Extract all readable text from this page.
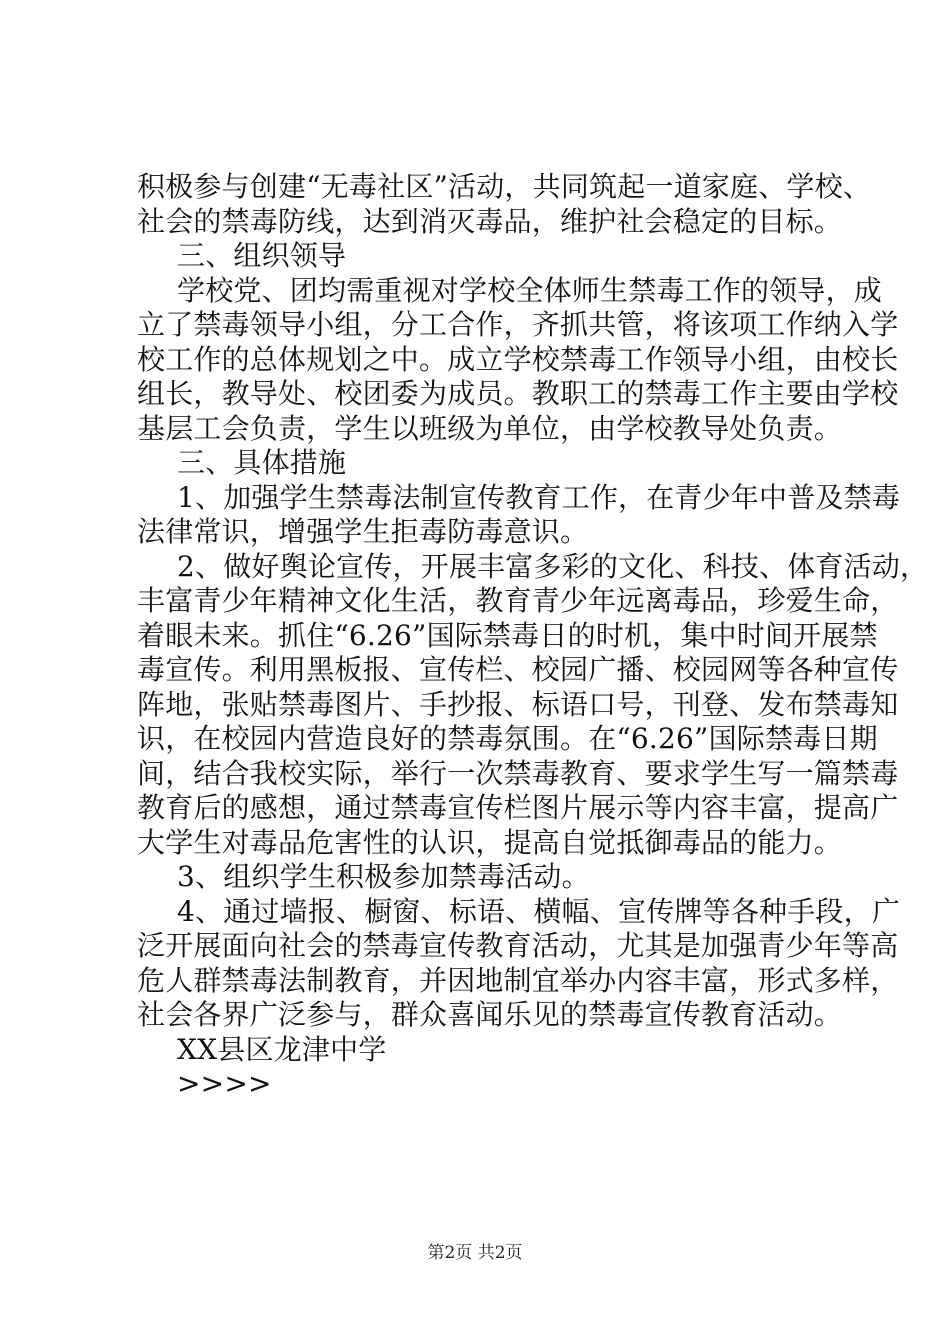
积极参与创建“无毒社区”活动，共同筑起一道家庭、学校、
社会的禁毒防线，达到消灭毒品，维护社会稳定的目标。
三、组织领导
学校党、团均需重视对学校全体师生禁毒工作的领导，成
立了禁毒领导小组，分工合作，齐抓共管，将该项工作纳入学
校工作的总体规划之中。成立学校禁毒工作领导小组，由校长
组长，教导处、校团委为成员。教职工的禁毒工作主要由学校
基层工会负责，学生以班级为单位，由学校教导处负责。
三、具体措施
1、加强学生禁毒法制宣传教育工作，在青少年中普及禁毒
法律常识，增强学生拒毒防毒意识。
2、做好舆论宣传，开展丰富多彩的文化、科技、体育活动，
丰富青少年精神文化生活，教育青少年远离毒品，珍爱生命，
着眼未来。抓住“6.26”国际禁毒日的时机，集中时间开展禁
毒宣传。利用黑板报、宣传栏、校园广播、校园网等各种宣传
阵地，张贴禁毒图片、手抄报、标语口号，刊登、发布禁毒知
识，在校园内营造良好的禁毒氛围。在“6.26”国际禁毒日期
间，结合我校实际，举行一次禁毒教育、要求学生写一篇禁毒
教育后的感想，通过禁毒宣传栏图片展示等内容丰富，提高广
大学生对毒品危害性的认识，提高自觉抵御毒品的能力。
3、组织学生积极参加禁毒活动。
4、通过墙报、橱窗、标语、横幅、宣传牌等各种手段，广
泛开展面向社会的禁毒宣传教育活动，尤其是加强青少年等高
危人群禁毒法制教育，并因地制宜举办内容丰富，形式多样，
社会各界广泛参与，群众喜闻乐见的禁毒宣传教育活动。
XX县区龙津中学
>>>>
第2页 共2页
